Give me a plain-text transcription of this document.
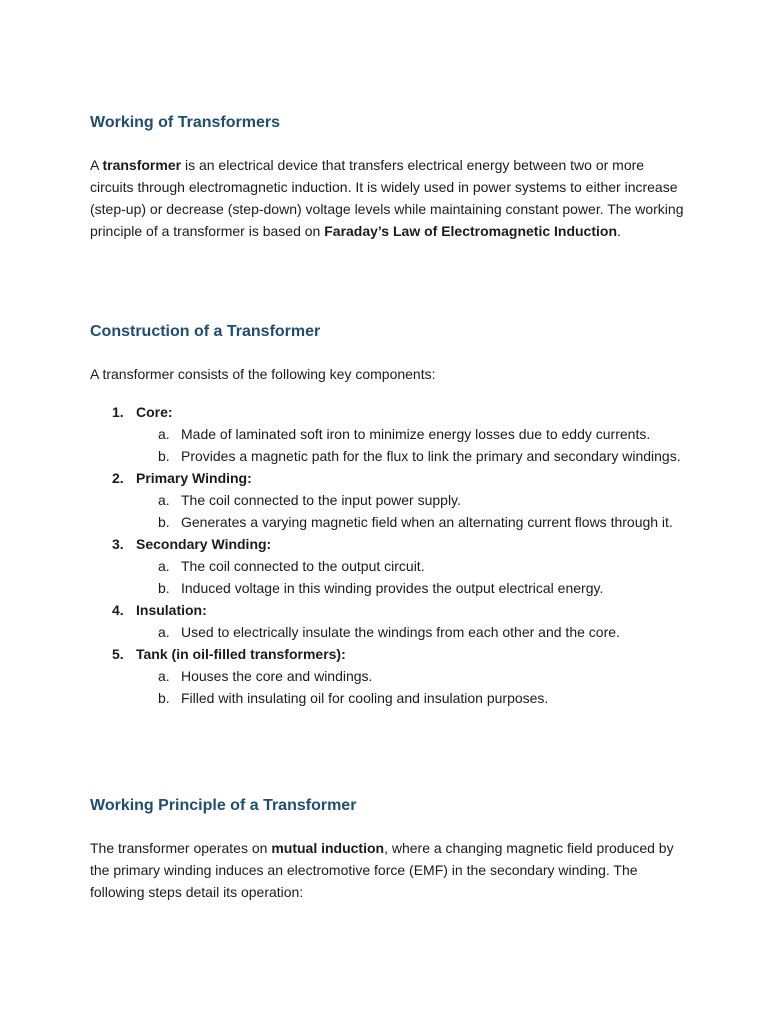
Working of Transformers

A transformer is an electrical device that transfers electrical energy between two or more circuits through electromagnetic induction. It is widely used in power systems to either increase (step-up) or decrease (step-down) voltage levels while maintaining constant power. The working principle of a transformer is based on Faraday’s Law of Electromagnetic Induction.

Construction of a Transformer

A transformer consists of the following key components:

1. Core:
a. Made of laminated soft iron to minimize energy losses due to eddy currents.
b. Provides a magnetic path for the flux to link the primary and secondary windings.
2. Primary Winding:
a. The coil connected to the input power supply.
b. Generates a varying magnetic field when an alternating current flows through it.
3. Secondary Winding:
a. The coil connected to the output circuit.
b. Induced voltage in this winding provides the output electrical energy.
4. Insulation:
a. Used to electrically insulate the windings from each other and the core.
5. Tank (in oil-filled transformers):
a. Houses the core and windings.
b. Filled with insulating oil for cooling and insulation purposes.
Working Principle of a Transformer

The transformer operates on mutual induction, where a changing magnetic field produced by the primary winding induces an electromotive force (EMF) in the secondary winding. The following steps detail its operation:
